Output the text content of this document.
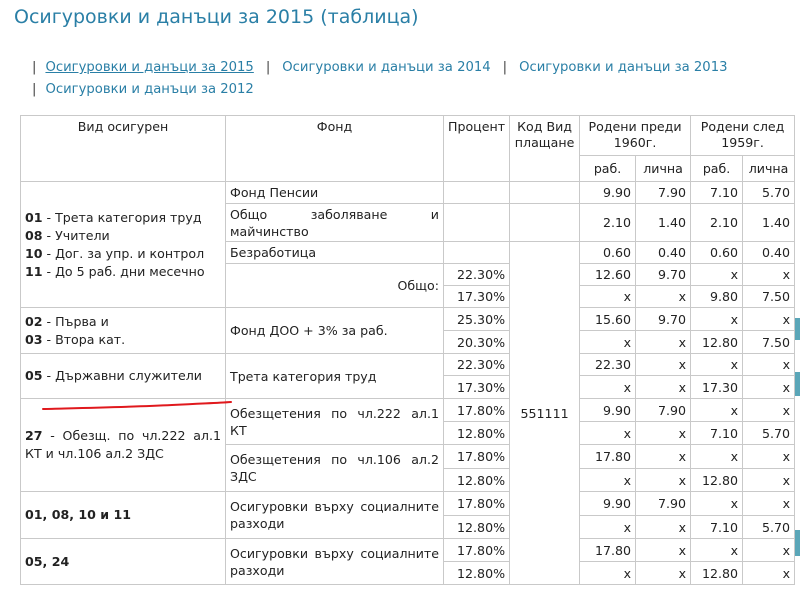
Осигуровки и данъци за 2015 (таблица)
| Осигуровки и данъци за 2015 | Осигуровки и данъци за 2014 | Осигуровки и данъци за 2013
| Осигуровки и данъци за 2012
Вид осигурен	Фонд	Процент	Код Вид плащане	Родени преди 1960г.		Родени след 1959г.	
				раб.	лична	раб.	лична

01 - Трета категория труд
08 - Учители
10 - Дог. за упр. и контрол
11 - До 5 раб. дни месечно	Фонд Пенсии			9.90	7.90	7.10	5.70
	Общо заболяване и майчинство			2.10	1.40	2.10	1.40
	Безработица		551111	0.60	0.40	0.60	0.40
	Общо:	22.30%		12.60	9.70	х	х
		17.30%		х	х	9.80	7.50

02 - Първа и
03 - Втора кат.	Фонд ДОО + 3% за раб.	25.30%		15.60	9.70	х	х
		20.30%		х	х	12.80	7.50

05 - Държавни служители	Трета категория труд	22.30%		22.30	х	х	х
		17.30%		х	х	17.30	х
27 - Обезщ. по чл.222 ал.1 КТ и чл.106 ал.2 ЗДС	Обезщетения по чл.222 ал.1 КТ	17.80%		9.90	7.90	х	х
		12.80%		х	х	7.10	5.70
	Обезщетения по чл.106 ал.2 ЗДС	17.80%		17.80	х	х	х
		12.80%		х	х	12.80	х
01, 08, 10 и 11	Осигуровки върху социалните разходи	17.80%		9.90	7.90	х	х
		12.80%		х	х	7.10	5.70
05, 24	Осигуровки върху социалните разходи	17.80%		17.80	х	х	х
		12.80%		х	х	12.80	х
